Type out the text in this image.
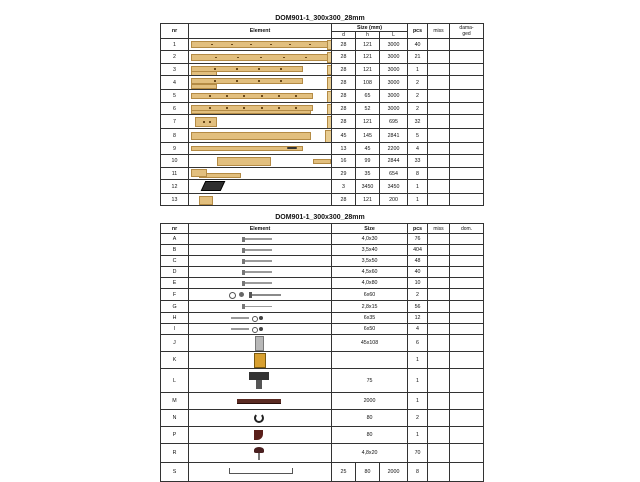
DOM901-1_300x300_28mm
nr	Element	Size (mm)			pcs	miss	dama-
ged
		d	h	L			
1		28	121	3000	40		
2		28	121	3000	21		
3		28	121	3000	1		
4		28	108	3000	2		
5		28	65	3000	2		
6		28	52	3000	2		
7		28	121	695	32		
8		45	145	2841	5		
9		13	45	2200	4		
10		16	99	2844	33		
11		29	35	654	8		
12		3	3450	3450	1		
13		28	121	200	1		
DOM901-1_300x300_28mm
nr	Element	Size			pcs	miss	dom.
A		4,0x30			76		
B		3,5x40			404		
C		3,5x50			48		
D		4,5x60			40		
E		4,0x80			10		
F		6x60			2		
G		2,8x15			56		
H		6x35			12		
I		6x50			4		
J		45x108			6		
K					1		
L		75			1		
M		2000			1		
N		80			2		
P		80			1		
R		4,8x20			70		
S		25	80	2000	8		
